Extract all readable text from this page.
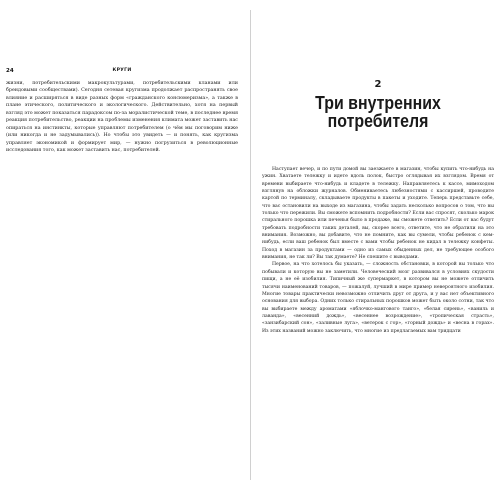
24	КРУГИ

жизни, потребительскими макрокультурами, потребительскими кланами или брендовыми сообществами). Сегодня сетевая кругизма продолжает распространять свое влияние и расширяться в виде разных форм «гражданского консюмеризма», а также в плане этического, политического и экологического. Действительно, хотя на первый взгляд это может показаться парадоксом по-за моралистической теме, в последнее время реакция потребительство, реакции на проблемы изменения климата может заставить нас опираться на инстинкты, которые управляют потребителем (о чём мы поговорим ниже (или никогда и не задумывались)). Но чтобы это увидеть — и понять, как кругизма управляет экономикой и формирует мир, — нужно погрузиться в революционные исследования того, как может заставить нас, потребителей.

2
Три внутренних потребителя

Наступает вечер, и по пути домой вы заезжаете в магазин, чтобы купить что-нибудь на ужин. Хватаете тележку и идете вдоль полок, быстро оглядывая их взглядом. Время от времени выбираете что-нибудь и кладете в тележку. Направляетесь к кассе, мимоходом взглянув на обложки журналов. Обмениваетесь любезностями с кассиршей, проводите картой по терминалу, складываете продукты в пакеты и уходите. Теперь представьте себе, что вас остановили на выходе из магазина, чтобы задать несколько вопросов о том, что вы только что пережили. Вы сможете вспомнить подробности? Если вас спросят, сколько марок стирального порошка или печенья было в продаже, вы сможете ответить? Если от вас будут требовать подробности таких деталей, вы, скорее всего, ответите, что не обратили на это внимания. Возможно, вы добавите, что не помните, как вы сумели, чтобы ребенок с кем-нибудь, если ваш ребенок был вместе с вами чтобы ребенок не кидал в тележку конфеты. Поход в магазин за продуктами — одно из самых обыденных дел, не требующее особого внимания, не так ли? Вы так думаете? Не спешите с выводами.

Первое, на что хотелось бы указать, — сложность обстановки, в которой вы только что побывали и которую вы не заметили. Человеческий мозг развивался в условиях скудости пищи, а не её изобилия. Типичный же супермаркет, в котором вы не можете отличить тысячи наименований товаров, — пожалуй, лучший в мире пример невероятного изобилия. Многие товары практически невозможно отличить друг от друга, и у вас нет объективного основания для выбора. Одних только стиральных порошков может быть около сотни, так что вы выбираете между ароматами «яблочко-мангового танго», «белая сирень», «ваниль и лаванда», «весенний дождь», «весеннее возрождение», «тропическая страсть», «занзибарский сон», «заливные луга», «ветерок с гор», «горный дождь» и «весна в горах». Из этих названий можно заключить, что многие из предлагаемых вам тридцати
